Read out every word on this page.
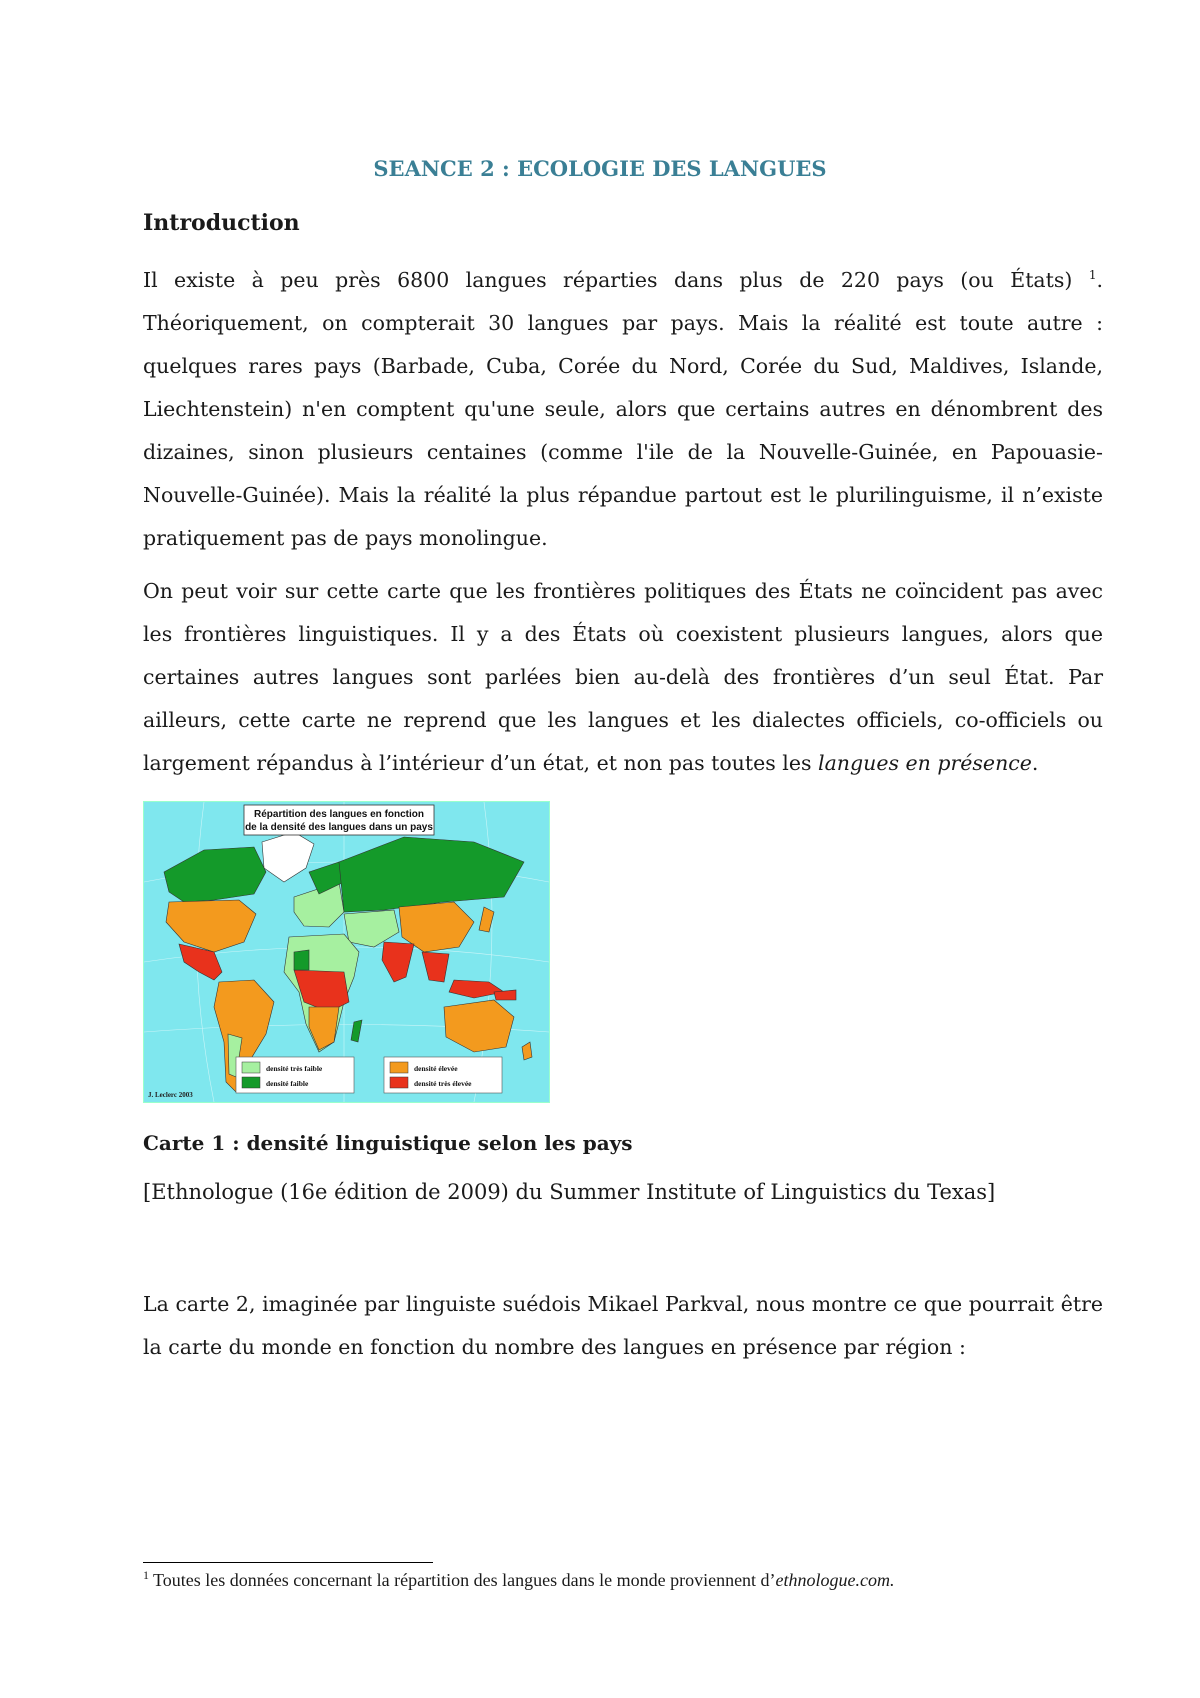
SEANCE 2 : ECOLOGIE DES LANGUES
Introduction

Il existe à peu près 6800 langues réparties dans plus de 220 pays (ou États) $^1$. Théoriquement, on compterait 30 langues par pays. Mais la réalité est toute autre : quelques rares pays (Barbade, Cuba, Corée du Nord, Corée du Sud, Maldives, Islande, Liechtenstein) n'en comptent qu'une seule, alors que certains autres en dénombrent des dizaines, sinon plusieurs centaines (comme l'ile de la Nouvelle-Guinée, en Papouasie-Nouvelle-Guinée). Mais la réalité la plus répandue partout est le plurilinguisme, il n’existe pratiquement pas de pays monolingue.

On peut voir sur cette carte que les frontières politiques des États ne coïncident pas avec les frontières linguistiques. Il y a des États où coexistent plusieurs langues, alors que certaines autres langues sont parlées bien au-delà des frontières d’un seul État. Par ailleurs, cette carte ne reprend que les langues et les dialectes officiels, co-officiels ou largement répandus à l’intérieur d’un état, et non pas toutes les langues en présence.

Répartition des langues en fonction
de la densité des langues dans un pays
densité très faible
densité faible
densité élevée
densité très élevée
J. Leclerc 2003

Carte 1 : densité linguistique selon les pays

[Ethnologue (16e édition de 2009) du Summer Institute of Linguistics du Texas]

La carte 2, imaginée par linguiste suédois Mikael Parkval, nous montre ce que pourrait être la carte du monde en fonction du nombre des langues en présence par région :

$^1$ Toutes les données concernant la répartition des langues dans le monde proviennent d’ethnologue.com.
